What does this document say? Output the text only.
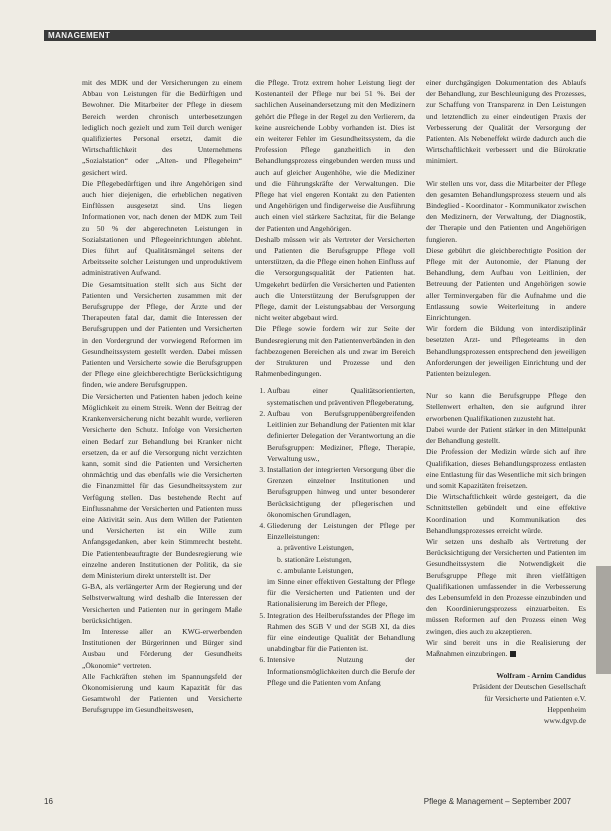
MANAGEMENT

mit des MDK und der Versicherungen zu einem Abbau von Leistungen für die Bedürftigen und Bewohner. Die Mitarbeiter der Pflege in diesem Bereich werden chronisch unterbesetzungen lediglich noch gezielt und zum Teil durch weniger qualifiziertes Personal ersetzt, damit die Wirtschaftlichkeit des Unternehmens „Sozialstation“ oder „Alten- und Pflegeheim“ gesichert wird.

Die Pflegebedürftigen und ihre Angehörigen sind auch hier diejenigen, die erheblichen negativen Einflüssen ausgesetzt sind. Uns liegen Informationen vor, nach denen der MDK zum Teil zu 50 % der abgerechneten Leistungen in Sozialstationen und Pflegeeinrichtungen ablehnt. Dies führt auf Qualitätsmängel seitens der Arbeitsseite solcher Leistungen und unproduktivem administrativen Aufwand.

Die Gesamtsituation stellt sich aus Sicht der Patienten und Versicherten zusammen mit der Berufsgruppe der Pflege, der Ärzte und der Therapeuten fatal dar, damit die Interessen der Berufsgruppen und der Patienten und Versicherten in den Vordergrund der vorwiegend Reformen im Gesundheitssystem gestellt werden. Dabei müssen Patienten und Versicherte sowie die Berufsgruppen der Pflege eine gleichberechtigte Berücksichtigung finden, wie andere Berufsgruppen.

Die Versicherten und Patienten haben jedoch keine Möglichkeit zu einem Streik. Wenn der Beitrag der Krankenversicherung nicht bezahlt wurde, verlieren Versicherte den Schutz. Infolge von Versicherten einen Bedarf zur Behandlung bei Kranker nicht ersetzen, da er auf die Versorgung nicht verzichten kann, somit sind die Patienten und Versicherten ohnmächtig und das ebenfalls wie die Versicherten die Finanzmittel für das Gesundheitssystem zur Verfügung stellen. Das bestehende Recht auf Einflussnahme der Versicherten und Patienten muss eine Aktivität sein. Aus dem Willen der Patienten und Versicherten ist ein Wille zum Anfangsgedanken, aber kein Stimmrecht besteht. Die Patientenbeauftragte der Bundesregierung wie einzelne anderen Institutionen der Politik, da sie dem Ministerium direkt unterstellt ist. Der

G-BA, als verlängerter Arm der Regierung und der Selbstverwaltung wird deshalb die Interessen der Versicherten und Patienten nur in geringem Maße berücksichtigen.

Im Interesse aller an KWG-erwerbenden Institutionen der Bürgerinnen und Bürger sind Ausbau und Förderung der Gesundheits „Ökonomie“ vertreten.

Alle Fachkräften stehen im Spannungsfeld der Ökonomisierung und kaum Kapazität für das Gesamtwohl der Patienten und Versicherte Berufsgruppe im Gesundheitswesen,

die Pflege. Trotz extrem hoher Leistung liegt der Kostenanteil der Pflege nur bei 51 %. Bei der sachlichen Auseinandersetzung mit den Medizinern gehört die Pflege in der Regel zu den Verlierern, da keine ausreichende Lobby vorhanden ist. Dies ist ein weiterer Fehler im Gesundheitssystem, da die Profession Pflege ganzheitlich in den Behandlungsprozess eingebunden werden muss und auch auf gleicher Augenhöhe, wie die Mediziner und die Führungskräfte der Verwaltungen. Die Pflege hat viel engeren Kontakt zu den Patienten und Angehörigen und findigerweise die Ausführung auch einen viel stärkere Sachzitat, für die Belange der Patienten und Angehörigen.

Deshalb müssen wir als Vertreter der Versicherten und Patienten die Berufsgruppe Pflege voll unterstützen, da die Pflege einen hohen Einfluss auf die Versorgungsqualität der Patienten hat. Umgekehrt bedürfen die Versicherten und Patienten auch die Unterstützung der Berufsgruppen der Pflege, damit der Leistungsabbau der Versorgung nicht weiter abgebaut wird.

Die Pflege sowie fordern wir zur Seite der Bundesregierung mit den Patientenverbänden in den fachbezogenen Bereichen als und zwar im Bereich der Strukturen und Prozesse und den Rahmenbedingungen.

1. Aufbau einer Qualitätsorientierten, systematischen und präventiven Pflegeberatung,
2. Aufbau von Berufsgruppenübergreifenden Leitlinien zur Behandlung der Patienten mit klar definierter Delegation der Verantwortung an die Berufsgruppen: Mediziner, Pflege, Therapie, Verwaltung usw.,
3. Installation der integrierten Versorgung über die Grenzen einzelner Institutionen und Berufsgruppen hinweg und unter besonderer Berücksichtigung der pflegerischen und ökonomischen Grundlagen,
4. Gliederung der Leistungen der Pflege per Einzelleistungen:
a. präventive Leistungen,
b. stationäre Leistungen,
c. ambulante Leistungen,
im Sinne einer effektiven Gestaltung der Pflege für die Versicherten und Patienten und der Rationalisierung im Bereich der Pflege,
5. Integration des Heilberufsstandes der Pflege im Rahmen des SGB V und der SGB XI, da dies für eine eindeutige Qualität der Behandlung unabdingbar für die Patienten ist.
6. Intensive Nutzung der Informationsmöglichkeiten durch die Berufe der Pflege und die Patienten vom Anfang

einer durchgängigen Dokumentation des Ablaufs der Behandlung, zur Beschleunigung des Prozesses, zur Schaffung von Transparenz in Den Leistungen und letztendlich zu einer eindeutigen Praxis der Verbesserung der Qualität der Versorgung der Patienten. Als Nebeneffekt würde dadurch auch die Wirtschaftlichkeit verbessert und die Bürokratie minimiert.

Wir stellen uns vor, dass die Mitarbeiter der Pflege den gesamten Behandlungsprozess steuern und als Bindeglied - Koordinator - Kommunikator zwischen den Medizinern, der Verwaltung, der Diagnostik, der Therapie und den Patienten und Angehörigen fungieren.

Diese gebührt die gleichberechtigte Position der Pflege mit der Autonomie, der Planung der Behandlung, dem Aufbau von Leitlinien, der Betreuung der Patienten und Angehörigen sowie aller Terminvergaben für die Aufnahme und die Entlassung sowie Weiterleitung in andere Einrichtungen.

Wir fordern die Bildung von interdisziplinär besetzten Arzt- und Pflegeteams in den Behandlungsprozessen entsprechend den jeweiligen Anforderungen der jeweiligen Einrichtung und der Patienten beizulegen.

Nur so kann die Berufsgruppe Pflege den Stellenwert erhalten, den sie aufgrund ihrer erworbenen Qualifikationen zuzusteht hat.

Dabei wurde der Patient stärker in den Mittelpunkt der Behandlung gestellt.

Die Profession der Medizin würde sich auf ihre Qualifikation, dieses Behandlungsprozess entlasten eine Entlastung für das Wesentliche mit sich bringen und somit Kapazitäten freisetzen.

Die Wirtschaftlichkeit würde gesteigert, da die Schnittstellen gebündelt und eine effektive Koordination und Kommunikation des Behandlungsprozesses erreicht würde.

Wir setzen uns deshalb als Vertretung der Berücksichtigung der Versicherten und Patienten im Gesundheitssystem die Notwendigkeit die Berufsgruppe Pflege mit ihren vielfältigen Qualifikationen umfassender in die Verbesserung des Lebensumfeld in den Prozesse einzubinden und den Koordinierungsprozess einzuarbeiten. Es müssen Reformen auf den Prozess einen Weg zwingen, dies auch zu akzeptieren.

Wir sind bereit uns in die Realisierung der Maßnahmen einzubringen.

Wolfram - Arnim Candidus
Präsident der Deutschen Gesellschaft
für Versicherte und Patienten e.V.
Heppenheim
www.dgvp.de
16	Pflege & Management – September 2007
